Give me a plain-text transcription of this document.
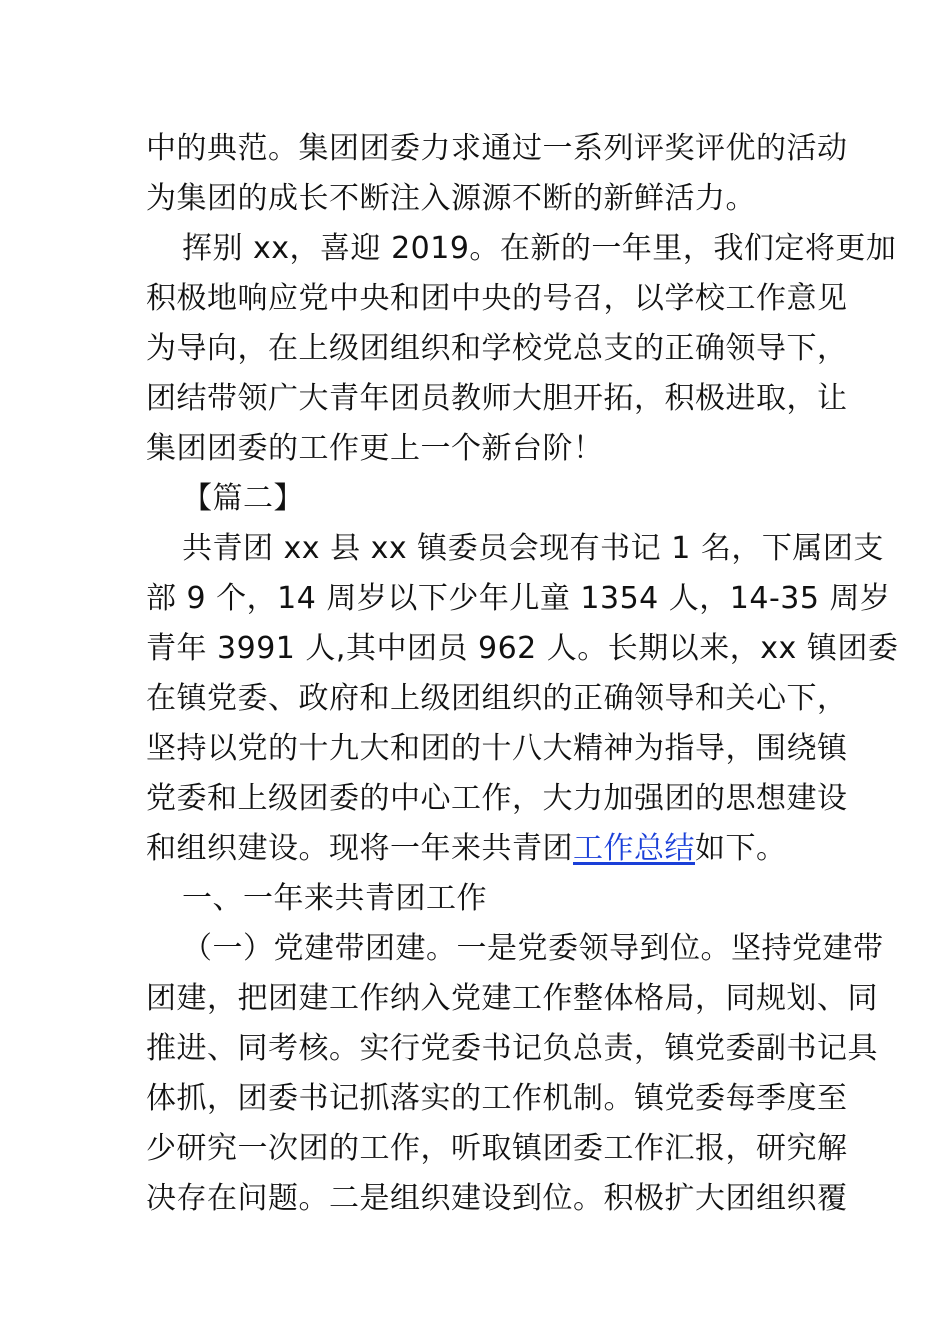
中的典范。集团团委力求通过一系列评奖评优的活动
为集团的成长不断注入源源不断的新鲜活力。
挥别 xx，喜迎 2019。在新的一年里，我们定将更加
积极地响应党中央和团中央的号召，以学校工作意见
为导向，在上级团组织和学校党总支的正确领导下，
团结带领广大青年团员教师大胆开拓，积极进取，让
集团团委的工作更上一个新台阶！
【篇二】
共青团 xx 县 xx 镇委员会现有书记 1 名，下属团支
部 9 个，14 周岁以下少年儿童 1354 人，14-35 周岁
青年 3991 人,其中团员 962 人。长期以来，xx 镇团委
在镇党委、政府和上级团组织的正确领导和关心下，
坚持以党的十九大和团的十八大精神为指导，围绕镇
党委和上级团委的中心工作，大力加强团的思想建设
和组织建设。现将一年来共青团工作总结如下。
一、一年来共青团工作
（一）党建带团建。一是党委领导到位。坚持党建带
团建，把团建工作纳入党建工作整体格局，同规划、同
推进、同考核。实行党委书记负总责，镇党委副书记具
体抓，团委书记抓落实的工作机制。镇党委每季度至
少研究一次团的工作，听取镇团委工作汇报，研究解
决存在问题。二是组织建设到位。积极扩大团组织覆
